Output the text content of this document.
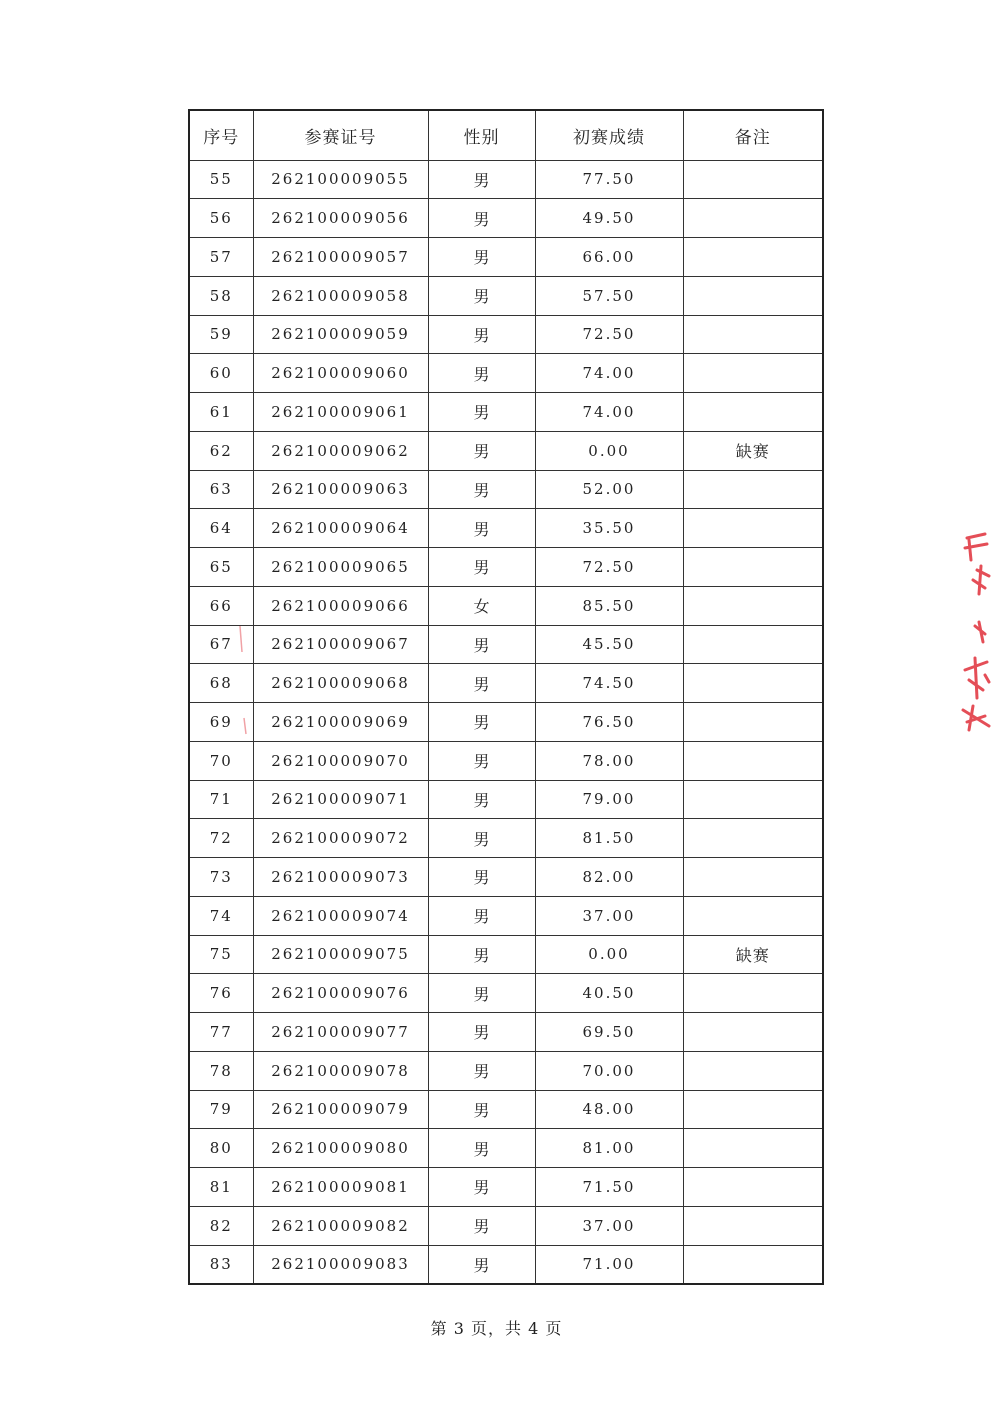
序号	参赛证号	性别	初赛成绩	备注
55	262100009055	男	77.50	
56	262100009056	男	49.50	
57	262100009057	男	66.00	
58	262100009058	男	57.50	
59	262100009059	男	72.50	
60	262100009060	男	74.00	
61	262100009061	男	74.00	
62	262100009062	男	0.00	缺赛
63	262100009063	男	52.00	
64	262100009064	男	35.50	
65	262100009065	男	72.50	
66	262100009066	女	85.50	
67	262100009067	男	45.50	
68	262100009068	男	74.50	
69	262100009069	男	76.50	
70	262100009070	男	78.00	
71	262100009071	男	79.00	
72	262100009072	男	81.50	
73	262100009073	男	82.00	
74	262100009074	男	37.00	
75	262100009075	男	0.00	缺赛
76	262100009076	男	40.50	
77	262100009077	男	69.50	
78	262100009078	男	70.00	
79	262100009079	男	48.00	
80	262100009080	男	81.00	
81	262100009081	男	71.50	
82	262100009082	男	37.00	
83	262100009083	男	71.00	
第 3 页，共 4 页
